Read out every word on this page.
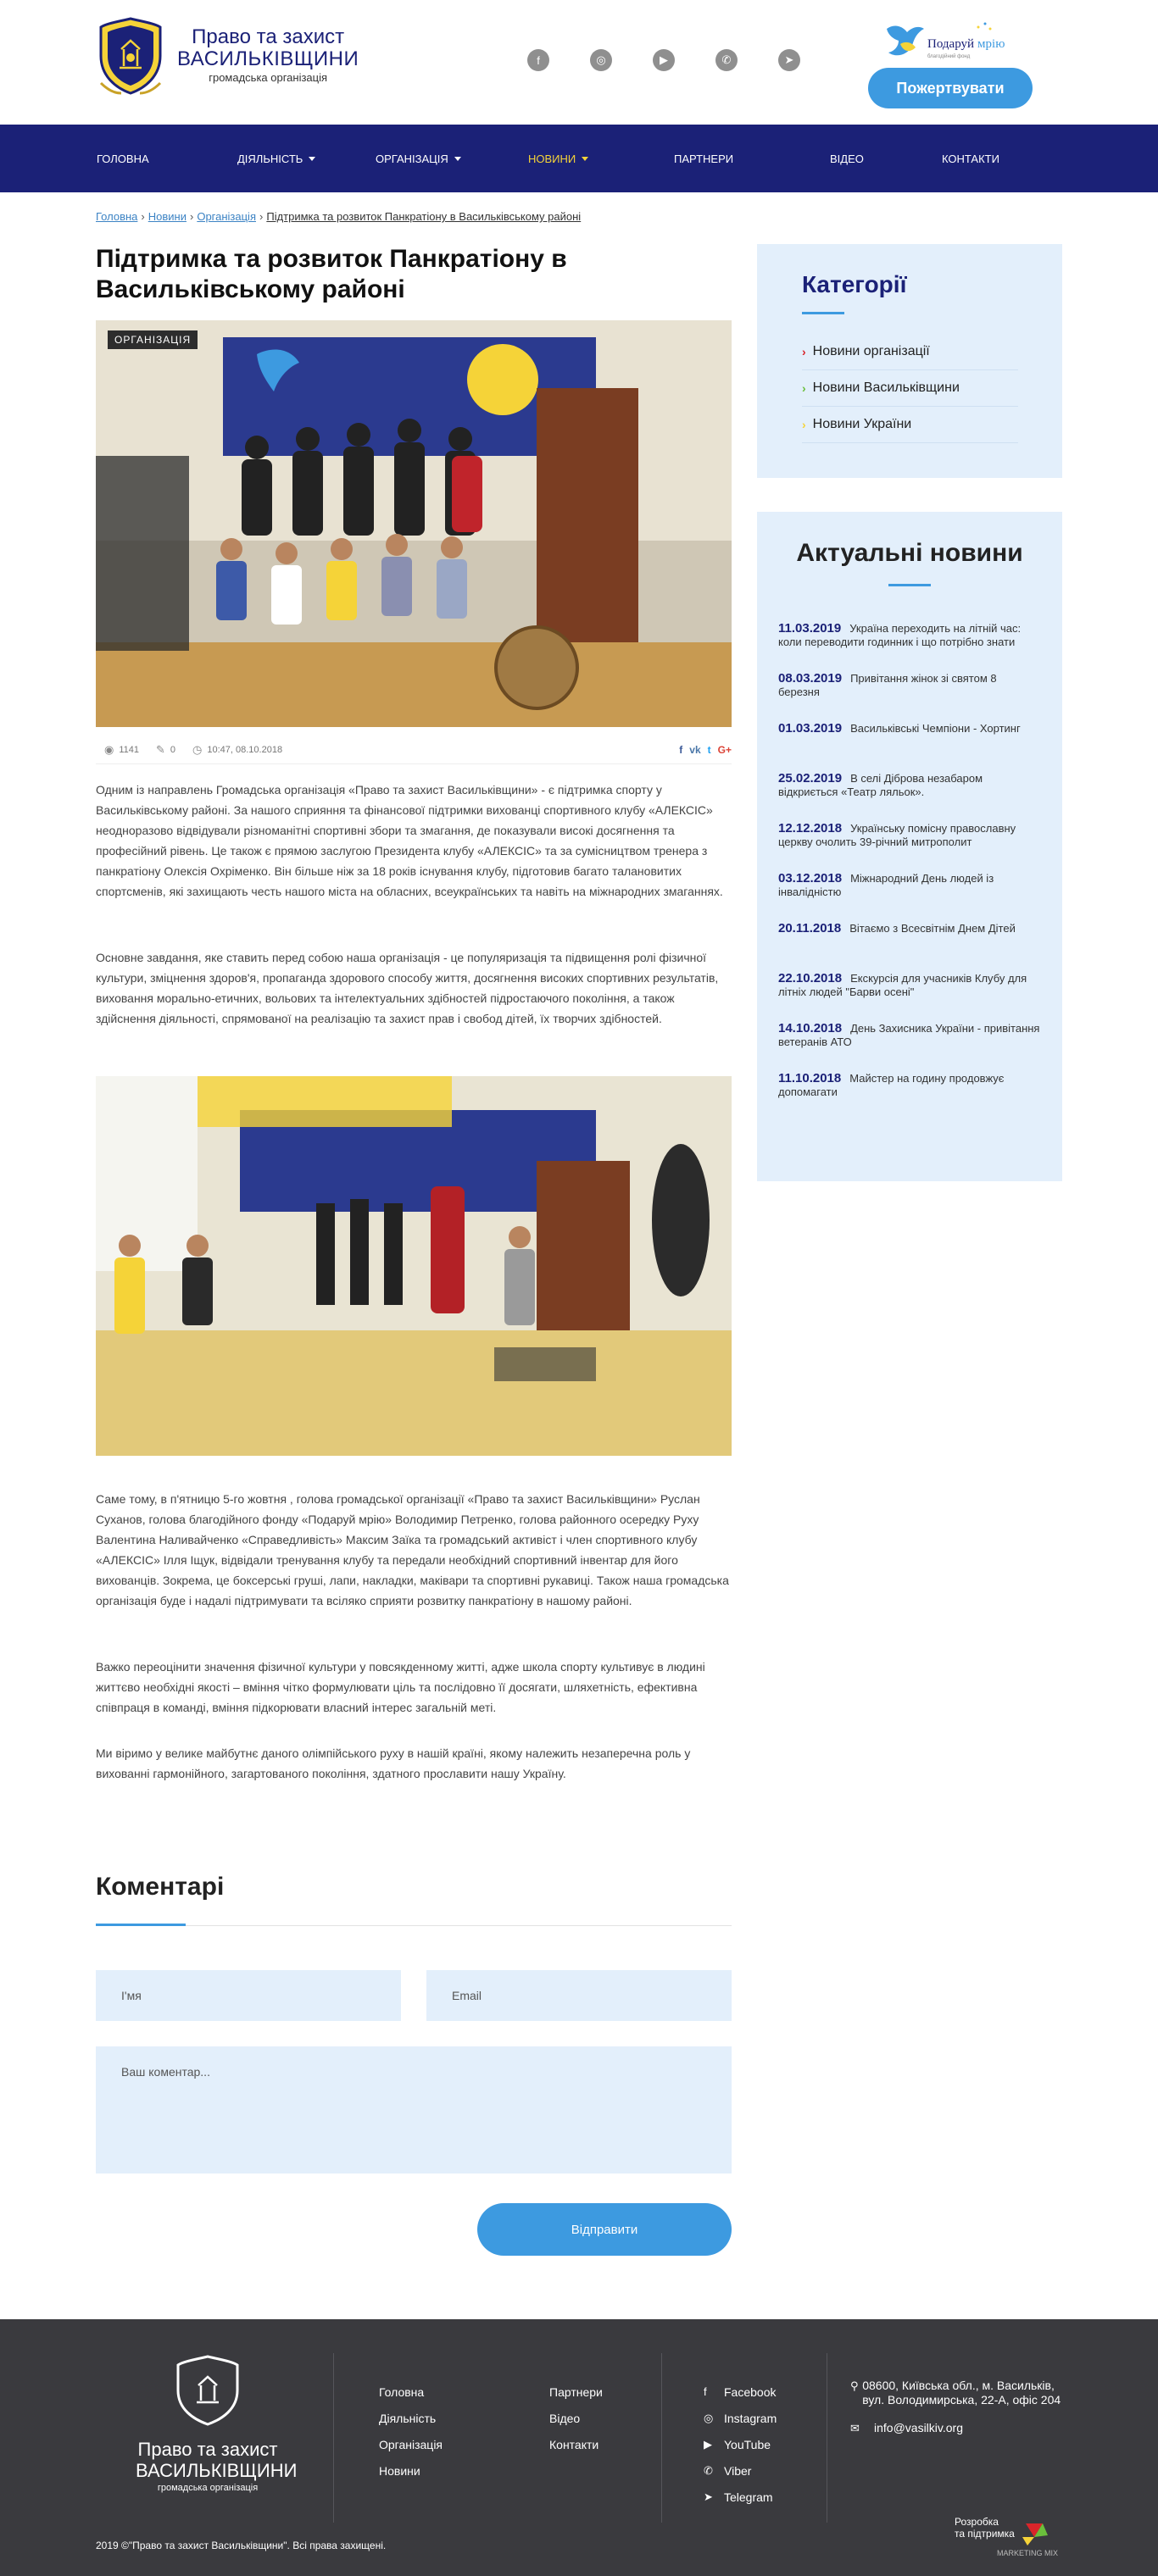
Право та захист
ВАСИЛЬКІВЩИНИ
громадська організація
f	◎	▶	✆	➤
Подаруй мрію
благодійний фонд
Пожертвувати
ГОЛОВНА	ДІЯЛЬНІСТЬ	ОРГАНІЗАЦІЯ	НОВИНИ	ПАРТНЕРИ	ВІДЕО	КОНТАКТИ
Головна › Новини › Організація › Підтримка та розвиток Панкратіону в Васильківському районі
Підтримка та розвиток Панкратіону в Васильківському районі
ОРГАНІЗАЦІЯ
◉ 1141 ✎ 0 ◷ 10:47, 08.10.2018	f vk t G+

Одним із направлень Громадська організація «Право та захист Васильківщини» - є підтримка спорту у Васильківському районі. За нашого сприяння та фінансової підтримки вихованці спортивного клубу «АЛЕКСІС» неодноразово відвідували різноманітні спортивні збори та змагання, де показували високі досягнення та професійний рівень. Це також є прямою заслугою Президента клубу «АЛЕКСІС» та за сумісництвом тренера з панкратіону Олексія Охріменко. Він більше ніж за 18 років існування клубу, підготовив багато талановитих спортсменів, які захищають честь нашого міста на обласних, всеукраїнських та навіть на міжнародних змаганнях.

Основне завдання, яке ставить перед собою наша організація - це популяризація та підвищення ролі фізичної культури, зміцнення здоров'я, пропаганда здорового способу життя, досягнення високих спортивних результатів, виховання морально-етичних, вольових та інтелектуальних здібностей підростаючого покоління, а також здійснення діяльності, спрямованої на реалізацію та захист прав і свобод дітей, їх творчих здібностей.

Саме тому, в п'ятницю 5-го жовтня , голова громадської організації «Право та захист Васильківщини» Руслан Суханов, голова благодійного фонду «Подаруй мрію» Володимир Петренко, голова районного осередку Руху Валентина Наливайченко «Справедливість» Максим Заїка та громадський активіст і член спортивного клубу «АЛЕКСІС» Ілля Іщук, відвідали тренування клубу та передали необхідний спортивний інвентар для його вихованців. Зокрема, це боксерські груші, лапи, накладки, маківари та спортивні рукавиці. Також наша громадська організація буде і надалі підтримувати та всіляко сприяти розвитку панкратіону в нашому районі.

Важко переоцінити значення фізичної культури у повсякденному житті, адже школа спорту культивує в людині життєво необхідні якості – вміння чітко формулювати ціль та послідовно її досягати, шляхетність, ефективна співпраця в команді, вміння підкорювати власний інтерес загальній меті.

Ми віримо у велике майбутнє даного олімпійського руху в нашій країні, якому належить незаперечна роль у вихованні гармонійного, загартованого покоління, здатного прославити нашу Україну.

Коментарі
І'мя
Email
Ваш коментар...
Відправити
Категорії
› Новини організації
› Новини Васильківщини
› Новини України
Актуальні новини
11.03.2019 Україна переходить на літній час: коли переводити годинник і що потрібно знати
08.03.2019 Привітання жінок зі святом 8 березня
01.03.2019 Васильківські Чемпіони - Хортинг
25.02.2019 В селі Діброва незабаром відкриється «Театр ляльок».
12.12.2018 Українську помісну православну церкву очолить 39-річний митрополит
03.12.2018 Міжнародний День людей із інвалідністю
20.11.2018 Вітаємо з Всесвітнім Днем Дітей
22.10.2018 Екскурсія для учасників Клубу для літніх людей "Барви осені"
14.10.2018 День Захисника України - привітання ветеранів АТО
11.10.2018 Майстер на годину продовжує допомагати
Право та захист
ВАСИЛЬКІВЩИНИ
громадська організація
Головна
Діяльність
Організація
Новини
Партнери
Відео
Контакти
f	Facebook
◎ Instagram
▶	YouTube
✆ Viber
➤ Telegram
⚲ 08600, Київська обл., м. Васильків, вул. Володимирська, 22-А, офіс 204
✉	info@vasilkiv.org
2019 ©"Право та захист Васильківщини". Всі права захищені.
Розробка
та підтримка
MARKETING MIX
